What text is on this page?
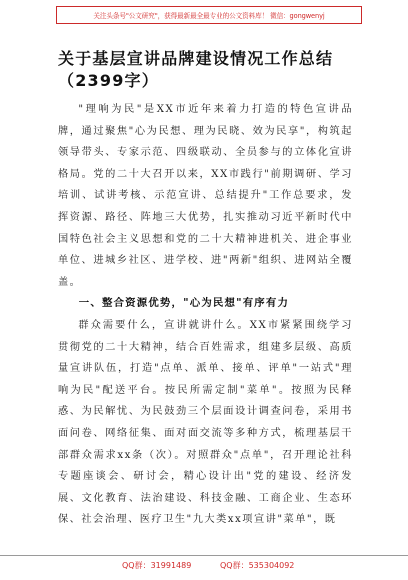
关注头条号"公文研究"，获得最新最全最专业的公文资料库！ 微信：gongwenyj
关于基层宣讲品牌建设情况工作总结（2399字）

"理响为民"是XX市近年来着力打造的特色宣讲品牌，通过聚焦"心为民想、理为民晓、效为民享"，构筑起领导带头、专家示范、四级联动、全员参与的立体化宣讲格局。党的二十大召开以来，XX市践行"前期调研、学习培训、试讲考核、示范宣讲、总结提升"工作总要求，发挥资源、路径、阵地三大优势，扎实推动习近平新时代中国特色社会主义思想和党的二十大精神进机关、进企事业单位、进城乡社区、进学校、进"两新"组织、进网站全覆盖。

一、整合资源优势，"心为民想"有序有力

群众需要什么，宣讲就讲什么。XX市紧紧围绕学习贯彻党的二十大精神，结合百姓需求，组建多层级、高质量宣讲队伍，打造"点单、派单、接单、评单"一站式"理响为民"配送平台。按民所需定制"菜单"。按照为民释惑、为民解忧、为民鼓劲三个层面设计调查问卷，采用书面问卷、网络征集、面对面交流等多种方式，梳理基层干部群众需求xx条（次）。对照群众"点单"，召开理论社科专题座谈会、研讨会，精心设计出"党的建设、经济发展、文化教育、法治建设、科技金融、工商企业、生态环保、社会治理、医疗卫生"九大类xx项宣讲"菜单"，既

QQ群：31991489	QQ群：535304092
